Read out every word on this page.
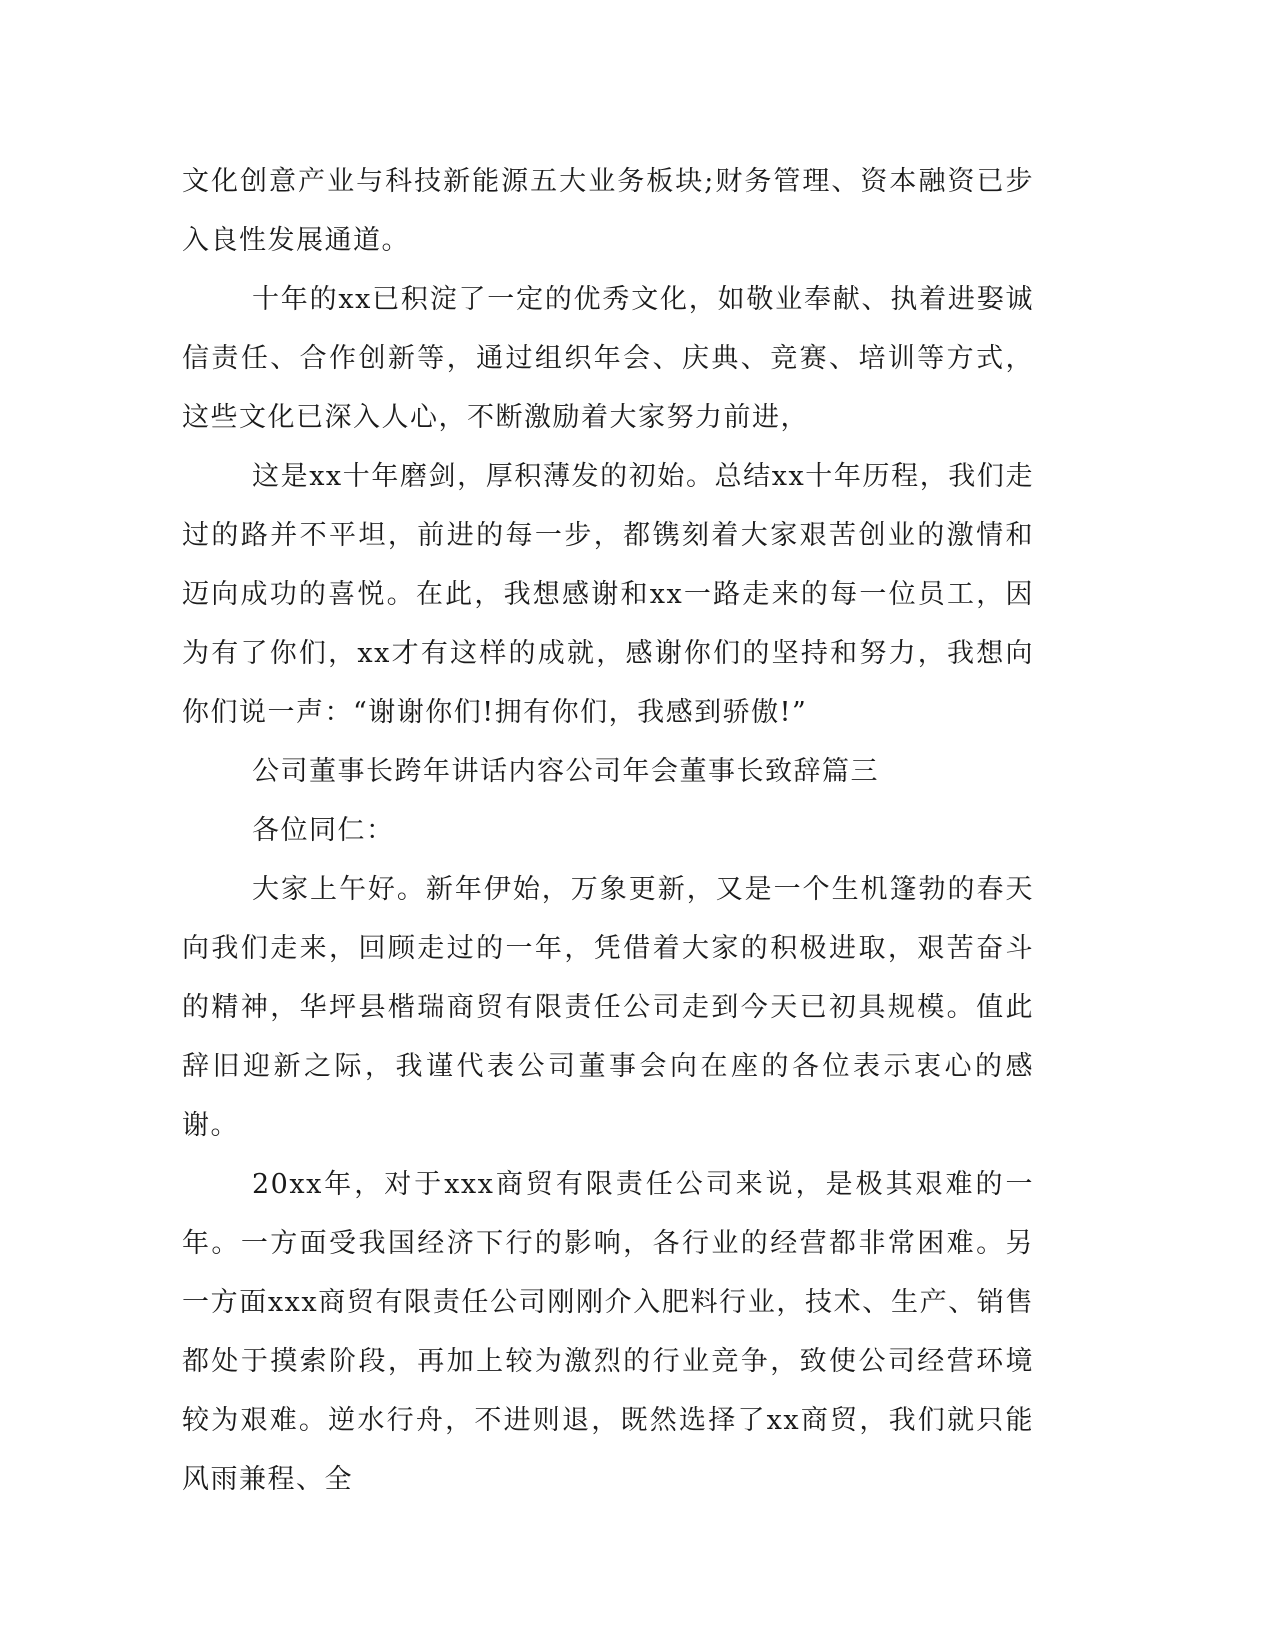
文化创意产业与科技新能源五大业务板块;财务管理、资本融资已步入良性发展通道。

十年的xx已积淀了一定的优秀文化，如敬业奉献、执着进娶诚信责任、合作创新等，通过组织年会、庆典、竞赛、培训等方式，这些文化已深入人心，不断激励着大家努力前进，

这是xx十年磨剑，厚积薄发的初始。总结xx十年历程，我们走过的路并不平坦，前进的每一步，都镌刻着大家艰苦创业的激情和迈向成功的喜悦。在此，我想感谢和xx一路走来的每一位员工，因为有了你们，xx才有这样的成就，感谢你们的坚持和努力，我想向你们说一声：“谢谢你们!拥有你们，我感到骄傲!”

公司董事长跨年讲话内容公司年会董事长致辞篇三

各位同仁：

大家上午好。新年伊始，万象更新，又是一个生机篷勃的春天向我们走来，回顾走过的一年，凭借着大家的积极进取，艰苦奋斗的精神，华坪县楷瑞商贸有限责任公司走到今天已初具规模。值此辞旧迎新之际，我谨代表公司董事会向在座的各位表示衷心的感谢。

20xx年，对于xxx商贸有限责任公司来说，是极其艰难的一年。一方面受我国经济下行的影响，各行业的经营都非常困难。另一方面xxx商贸有限责任公司刚刚介入肥料行业，技术、生产、销售都处于摸索阶段，再加上较为激烈的行业竞争，致使公司经营环境较为艰难。逆水行舟，不进则退，既然选择了xx商贸，我们就只能风雨兼程、全
